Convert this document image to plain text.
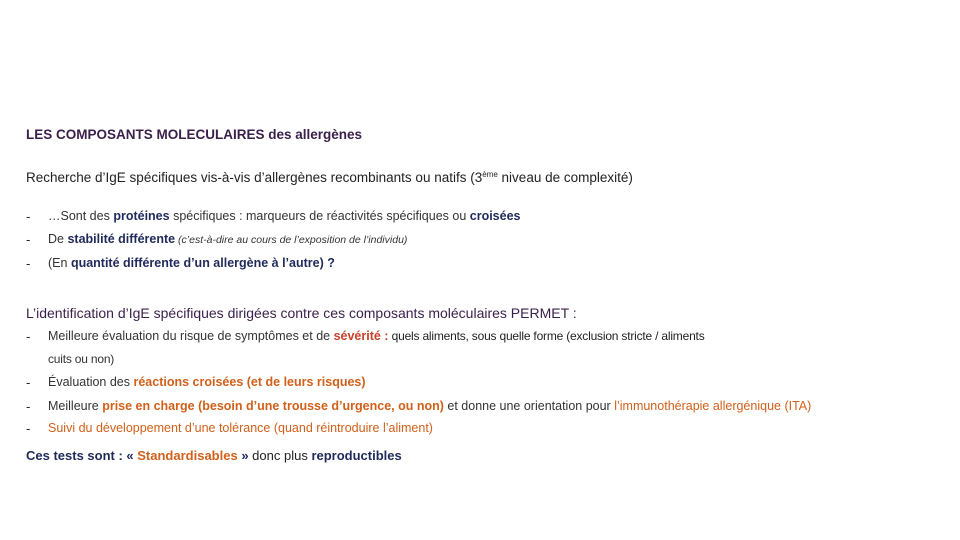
LES COMPOSANTS MOLECULAIRES des allergènes
Recherche d’IgE spécifiques vis-à-vis d’allergènes recombinants ou natifs (3ème niveau de complexité)
- …Sont des protéines spécifiques : marqueurs de réactivités spécifiques ou croisées
- De stabilité différente (c’est-à-dire au cours de l’exposition de l’individu)
- (En quantité différente d’un allergène à l’autre) ?
L’identification d’IgE spécifiques dirigées contre ces composants moléculaires PERMET :
- Meilleure évaluation du risque de symptômes et de sévérité : quels aliments, sous quelle forme (exclusion stricte / aliments
cuits ou non)
- Évaluation des réactions croisées (et de leurs risques)
- Meilleure prise en charge (besoin d’une trousse d’urgence, ou non) et donne une orientation pour l’immunothérapie allergénique (ITA)
- Suivi du développement d’une tolérance (quand réintroduire l’aliment)
Ces tests sont : « Standardisables » donc plus reproductibles
